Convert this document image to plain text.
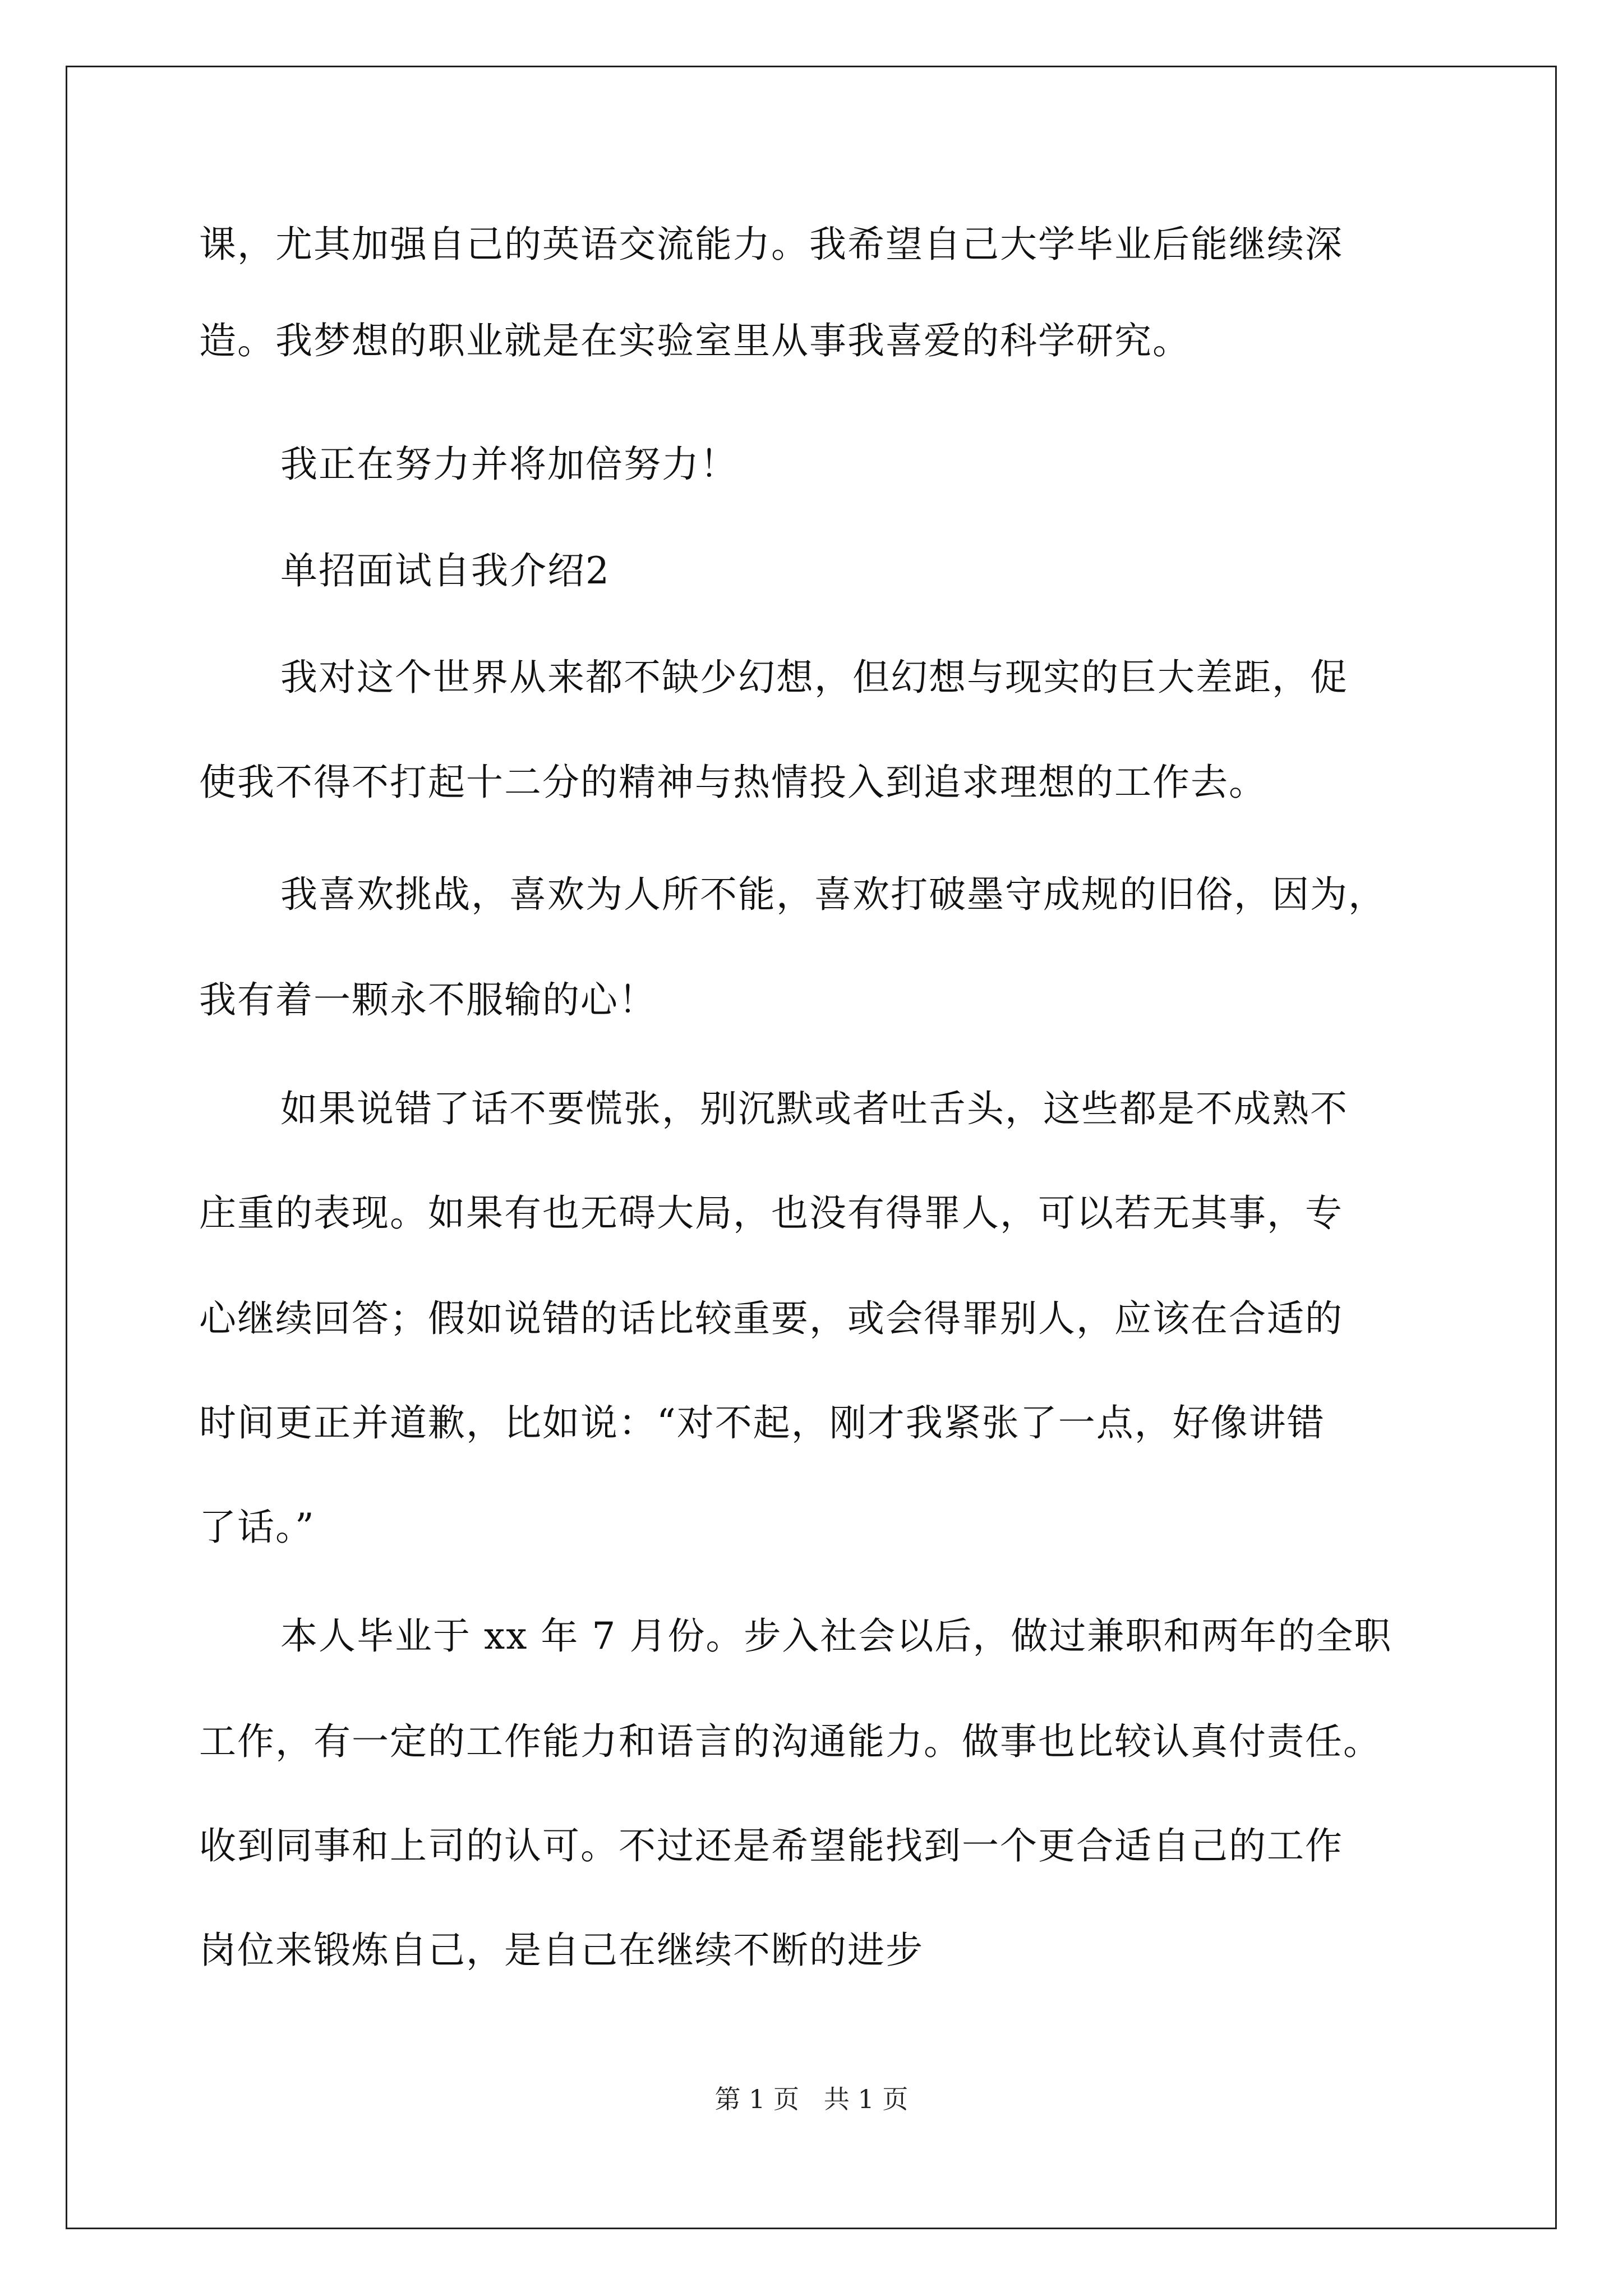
课，尤其加强自己的英语交流能力。我希望自己大学毕业后能继续深
造。我梦想的职业就是在实验室里从事我喜爱的科学研究。
我正在努力并将加倍努力！
单招面试自我介绍2
我对这个世界从来都不缺少幻想，但幻想与现实的巨大差距，促
使我不得不打起十二分的精神与热情投入到追求理想的工作去。
我喜欢挑战，喜欢为人所不能，喜欢打破墨守成规的旧俗，因为，
我有着一颗永不服输的心！
如果说错了话不要慌张，别沉默或者吐舌头，这些都是不成熟不
庄重的表现。如果有也无碍大局，也没有得罪人，可以若无其事，专
心继续回答；假如说错的话比较重要，或会得罪别人，应该在合适的
时间更正并道歉，比如说：“对不起，刚才我紧张了一点，好像讲错
了话。”
本人毕业于 xx 年 7 月份。步入社会以后，做过兼职和两年的全职
工作，有一定的工作能力和语言的沟通能力。做事也比较认真付责任。
收到同事和上司的认可。不过还是希望能找到一个更合适自己的工作
岗位来锻炼自己，是自己在继续不断的进步
第 1 页   共 1 页
